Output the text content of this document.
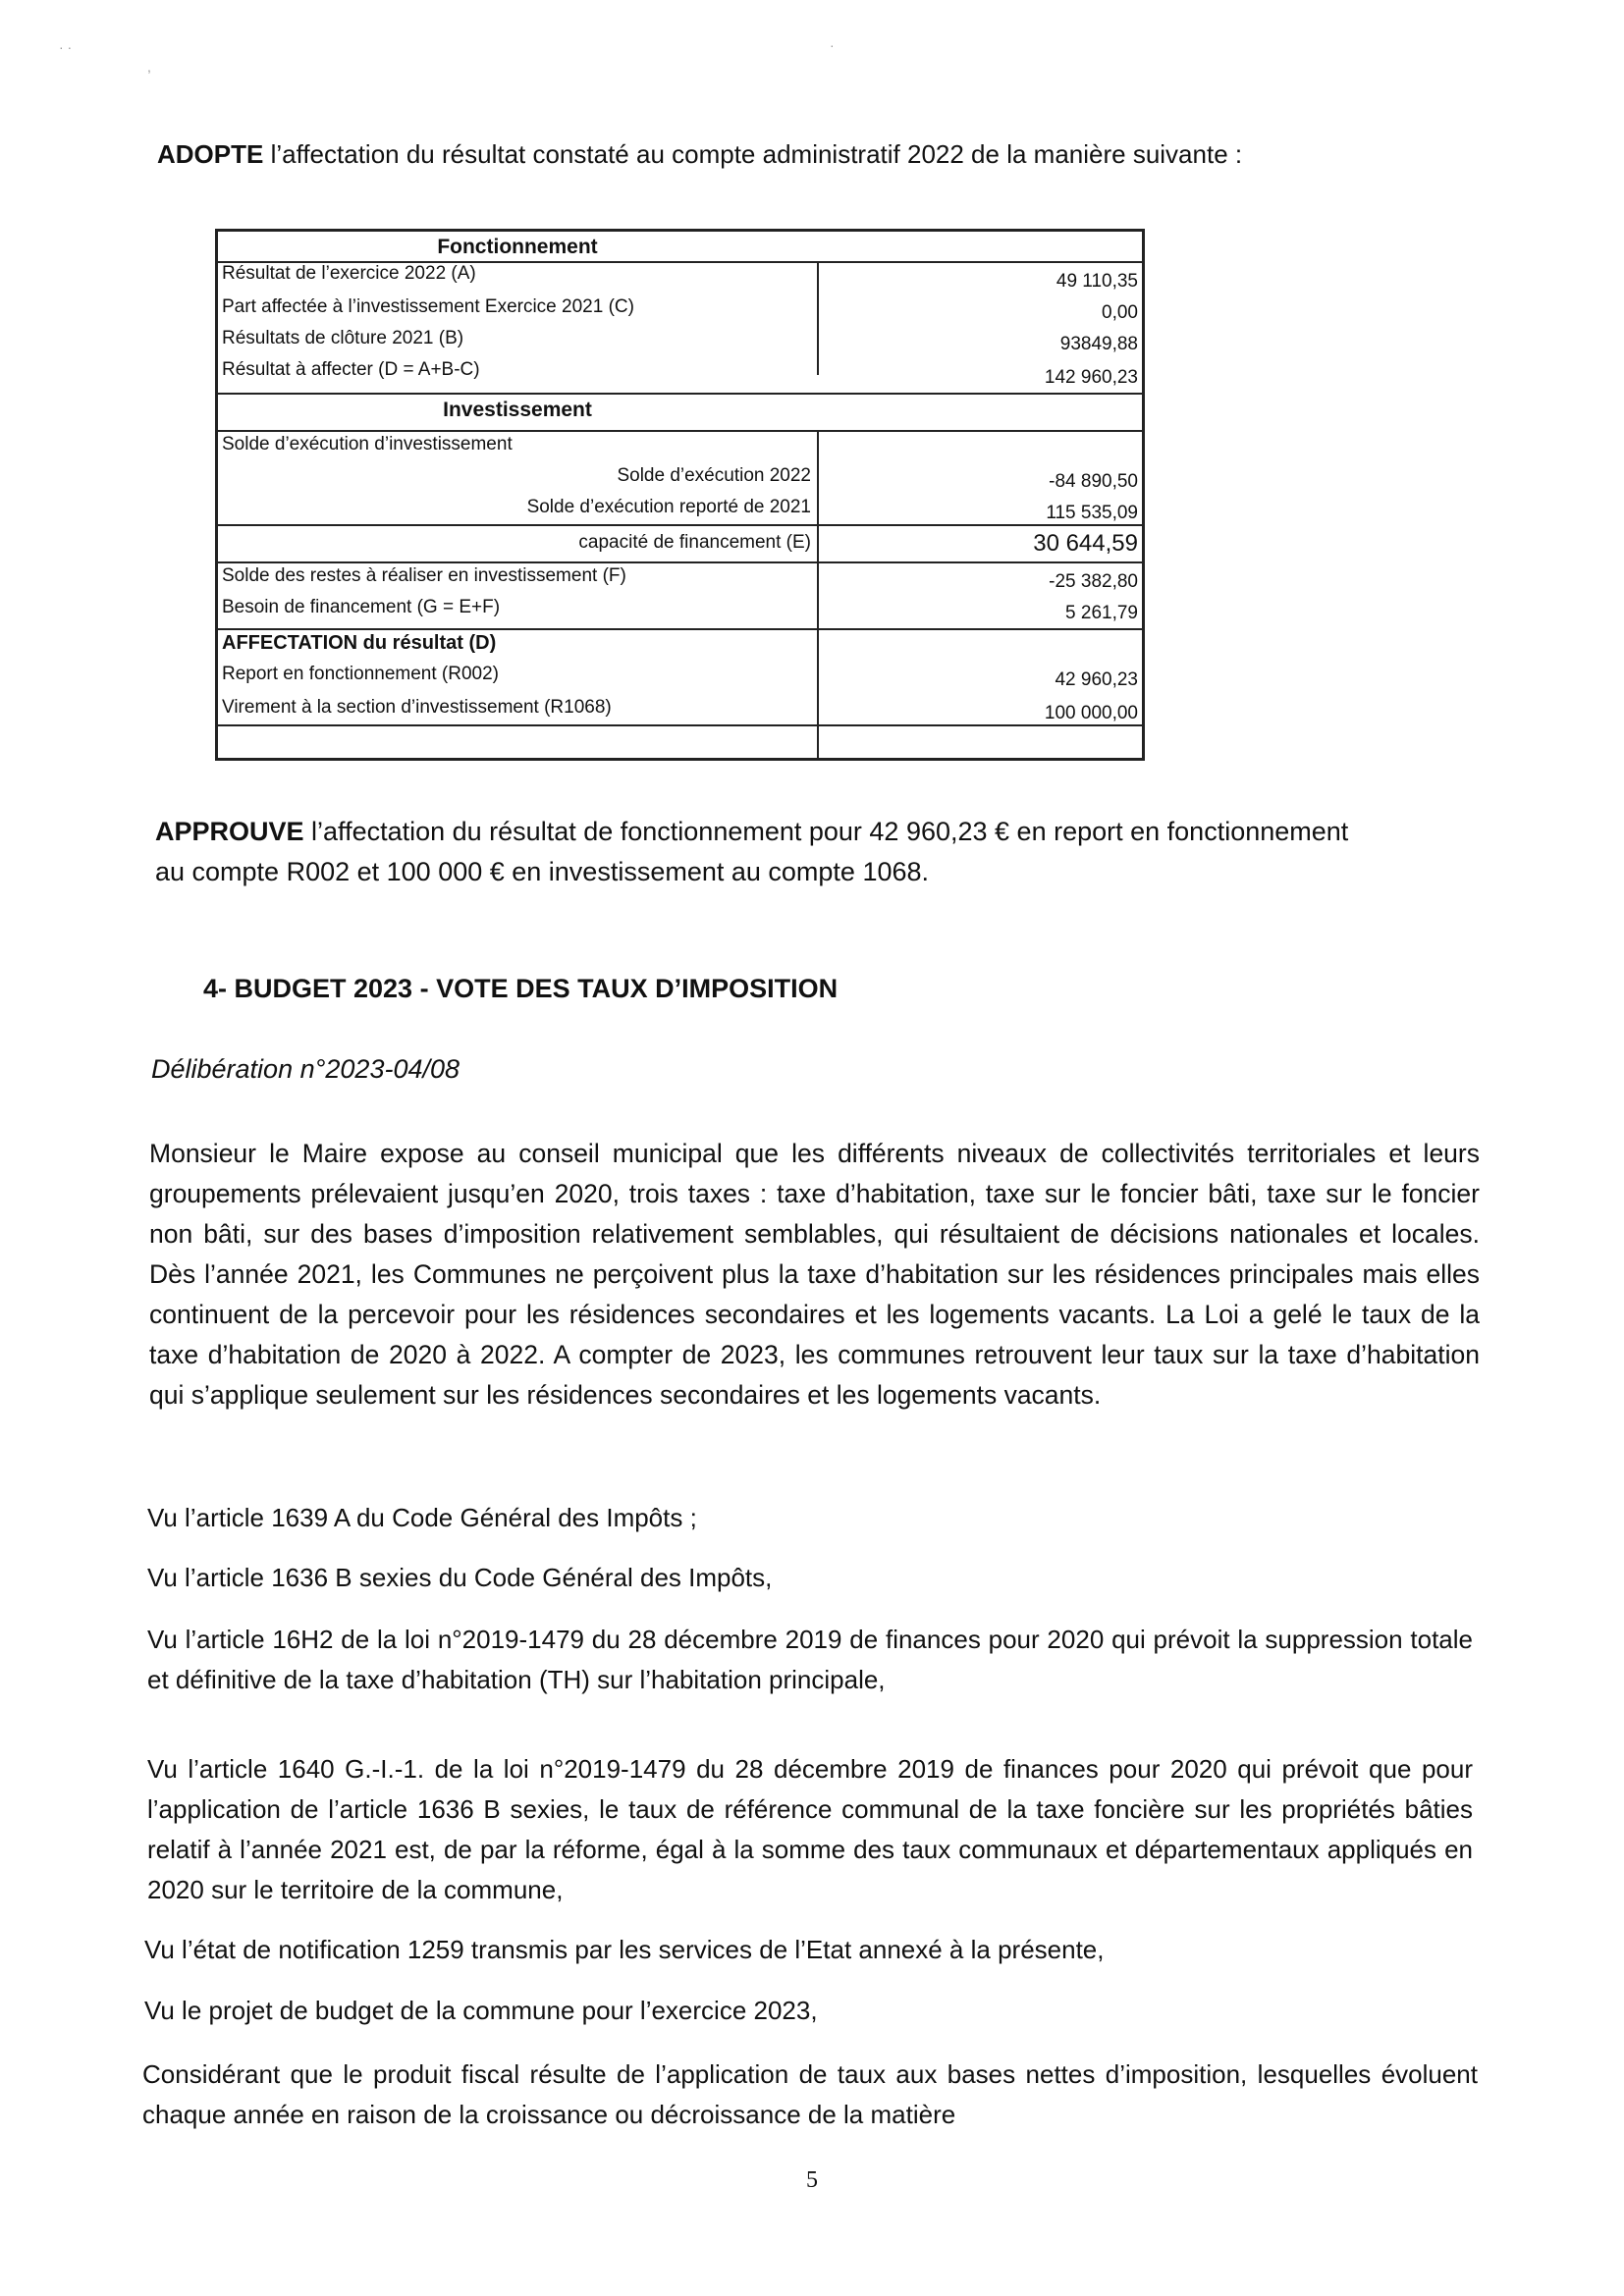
· ·
,
·

ADOPTE l’affectation du résultat constaté au compte administratif 2022 de la manière suivante :

Fonctionnement
Résultat de l’exercice 2022 (A)	49 110,35
Part affectée à l’investissement Exercice 2021 (C)	0,00
Résultats de clôture 2021 (B)	93849,88
Résultat à affecter (D = A+B-C)	142 960,23
Investissement
Solde d’exécution d’investissement
Solde d’exécution 2022	-84 890,50
Solde d’exécution reporté de 2021	115 535,09
capacité de financement (E)	30 644,59
Solde des restes à réaliser en investissement (F)	-25 382,80
Besoin de financement (G = E+F)	5 261,79
AFFECTATION du résultat (D)
Report en fonctionnement (R002)	42 960,23
Virement à la section d’investissement (R1068)	100 000,00

APPROUVE l’affectation du résultat de fonctionnement pour 42 960,23 € en report en fonctionnement
au compte R002 et 100 000 € en investissement au compte 1068.

4- BUDGET 2023 - VOTE DES TAUX D’IMPOSITION

Délibération n°2023-04/08

Monsieur le Maire expose au conseil municipal que les différents niveaux de collectivités territoriales et leurs groupements prélevaient jusqu’en 2020, trois taxes : taxe d’habitation, taxe sur le foncier bâti, taxe sur le foncier non bâti, sur des bases d’imposition relativement semblables, qui résultaient de décisions nationales et locales. Dès l’année 2021, les Communes ne perçoivent plus la taxe d’habitation sur les résidences principales mais elles continuent de la percevoir pour les résidences secondaires et les logements vacants. La Loi a gelé le taux de la taxe d’habitation de 2020 à 2022. A compter de 2023, les communes retrouvent leur taux sur la taxe d’habitation qui s’applique seulement sur les résidences secondaires et les logements vacants.

Vu l’article 1639 A du Code Général des Impôts ;

Vu l’article 1636 B sexies du Code Général des Impôts,

Vu l’article 16H2 de la loi n°2019-1479 du 28 décembre 2019 de finances pour 2020 qui prévoit la suppression totale et définitive de la taxe d’habitation (TH) sur l’habitation principale,

Vu l’article 1640 G.-I.-1. de la loi n°2019-1479 du 28 décembre 2019 de finances pour 2020 qui prévoit que pour l’application de l’article 1636 B sexies, le taux de référence communal de la taxe foncière sur les propriétés bâties relatif à l’année 2021 est, de par la réforme, égal à la somme des taux communaux et départementaux appliqués en 2020 sur le territoire de la commune,

Vu l’état de notification 1259 transmis par les services de l’Etat annexé à la présente,

Vu le projet de budget de la commune pour l’exercice 2023,

Considérant que le produit fiscal résulte de l’application de taux aux bases nettes d’imposition, lesquelles évoluent chaque année en raison de la croissance ou décroissance de la matière

5
